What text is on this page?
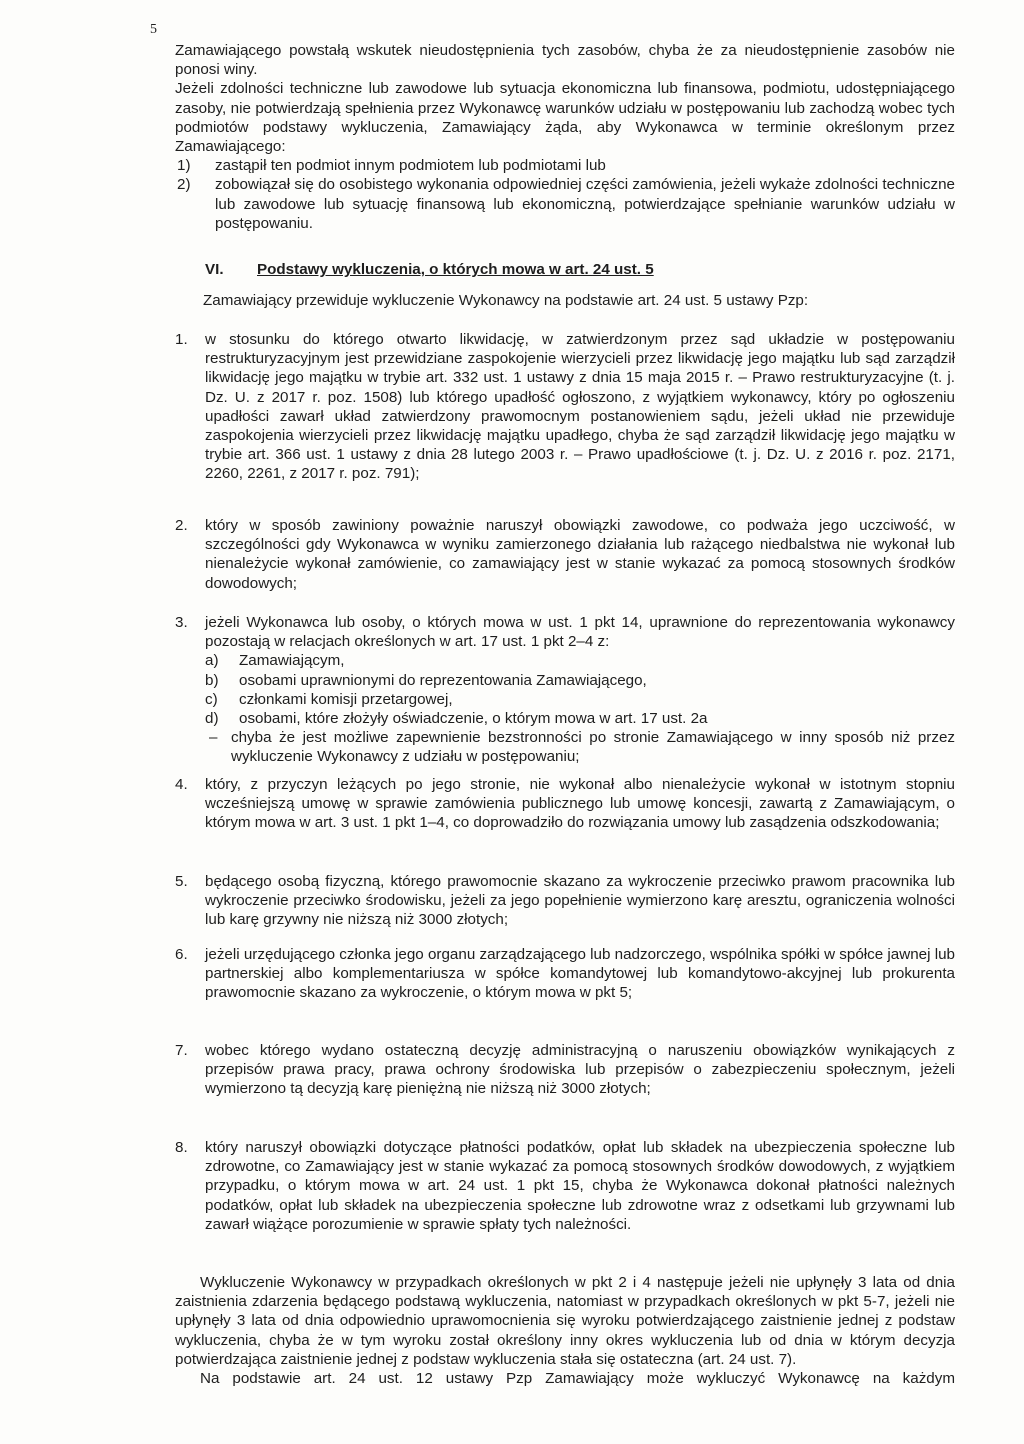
5

Zamawiającego powstałą wskutek nieudostępnienia tych zasobów, chyba że za nieudostępnienie zasobów nie ponosi winy.

Jeżeli zdolności techniczne lub zawodowe lub sytuacja ekonomiczna lub finansowa, podmiotu, udostępniającego zasoby, nie potwierdzają spełnienia przez Wykonawcę warunków udziału w postępowaniu lub zachodzą wobec tych podmiotów podstawy wykluczenia, Zamawiający żąda, aby Wykonawca w terminie określonym przez Zamawiającego:

1)	zastąpił ten podmiot innym podmiotem lub podmiotami lub
2)	zobowiązał się do osobistego wykonania odpowiedniej części zamówienia, jeżeli wykaże zdolności techniczne lub zawodowe lub sytuację finansową lub ekonomiczną, potwierdzające spełnianie warunków udziału w postępowaniu.
VI. Podstawy wykluczenia, o których mowa w art. 24 ust. 5
Zamawiający przewiduje wykluczenie Wykonawcy na podstawie art. 24 ust. 5 ustawy Pzp:
1.	w stosunku do którego otwarto likwidację, w zatwierdzonym przez sąd układzie w postępowaniu restrukturyzacyjnym jest przewidziane zaspokojenie wierzycieli przez likwidację jego majątku lub sąd zarządził likwidację jego majątku w trybie art. 332 ust. 1 ustawy z dnia 15 maja 2015 r. – Prawo restrukturyzacyjne (t. j. Dz. U. z 2017 r. poz. 1508) lub którego upadłość ogłoszono, z wyjątkiem wykonawcy, który po ogłoszeniu upadłości zawarł układ zatwierdzony prawomocnym postanowieniem sądu, jeżeli układ nie przewiduje zaspokojenia wierzycieli przez likwidację majątku upadłego, chyba że sąd zarządził likwidację jego majątku w trybie art. 366 ust. 1 ustawy z dnia 28 lutego 2003 r. – Prawo upadłościowe (t. j. Dz. U. z 2016 r. poz. 2171, 2260, 2261, z 2017 r. poz. 791);

2.	który w sposób zawiniony poważnie naruszył obowiązki zawodowe, co podważa jego uczciwość, w szczególności gdy Wykonawca w wyniku zamierzonego działania lub rażącego niedbalstwa nie wykonał lub nienależycie wykonał zamówienie, co zamawiający jest w stanie wykazać za pomocą stosownych środków dowodowych;

3.	jeżeli Wykonawca lub osoby, o których mowa w ust. 1 pkt 14, uprawnione do reprezentowania wykonawcy pozostają w relacjach określonych w art. 17 ust. 1 pkt 2–4 z:

a)	Zamawiającym,
b)	osobami uprawnionymi do reprezentowania Zamawiającego,
c)	członkami komisji przetargowej,
d)	osobami, które złożyły oświadczenie, o którym mowa w art. 17 ust. 2a
– chyba że jest możliwe zapewnienie bezstronności po stronie Zamawiającego w inny sposób niż przez wykluczenie Wykonawcy z udziału w postępowaniu;
4.	który, z przyczyn leżących po jego stronie, nie wykonał albo nienależycie wykonał w istotnym stopniu wcześniejszą umowę w sprawie zamówienia publicznego lub umowę koncesji, zawartą z Zamawiającym, o którym mowa w art. 3 ust. 1 pkt 1–4, co doprowadziło do rozwiązania umowy lub zasądzenia odszkodowania;

5.	będącego osobą fizyczną, którego prawomocnie skazano za wykroczenie przeciwko prawom pracownika lub wykroczenie przeciwko środowisku, jeżeli za jego popełnienie wymierzono karę aresztu, ograniczenia wolności lub karę grzywny nie niższą niż 3000 złotych;

6.	jeżeli urzędującego członka jego organu zarządzającego lub nadzorczego, wspólnika spółki w spółce jawnej lub partnerskiej albo komplementariusza w spółce komandytowej lub komandytowo-akcyjnej lub prokurenta prawomocnie skazano za wykroczenie, o którym mowa w pkt 5;

7.	wobec którego wydano ostateczną decyzję administracyjną o naruszeniu obowiązków wynikających z przepisów prawa pracy, prawa ochrony środowiska lub przepisów o zabezpieczeniu społecznym, jeżeli wymierzono tą decyzją karę pieniężną nie niższą niż 3000 złotych;

8.	który naruszył obowiązki dotyczące płatności podatków, opłat lub składek na ubezpieczenia społeczne lub zdrowotne, co Zamawiający jest w stanie wykazać za pomocą stosownych środków dowodowych, z wyjątkiem przypadku, o którym mowa w art. 24 ust. 1 pkt 15, chyba że Wykonawca dokonał płatności należnych podatków, opłat lub składek na ubezpieczenia społeczne lub zdrowotne wraz z odsetkami lub grzywnami lub zawarł wiążące porozumienie w sprawie spłaty tych należności.

Wykluczenie Wykonawcy w przypadkach określonych w pkt 2 i 4 następuje jeżeli nie upłynęły 3 lata od dnia zaistnienia zdarzenia będącego podstawą wykluczenia, natomiast w przypadkach określonych w pkt 5-7, jeżeli nie upłynęły 3 lata od dnia odpowiednio uprawomocnienia się wyroku potwierdzającego zaistnienie jednej z podstaw wykluczenia, chyba że w tym wyroku został określony inny okres wykluczenia lub od dnia w którym decyzja potwierdzająca zaistnienie jednej z podstaw wykluczenia stała się ostateczna (art. 24 ust. 7).

Na podstawie art. 24 ust. 12 ustawy Pzp Zamawiający może wykluczyć Wykonawcę na każdym
